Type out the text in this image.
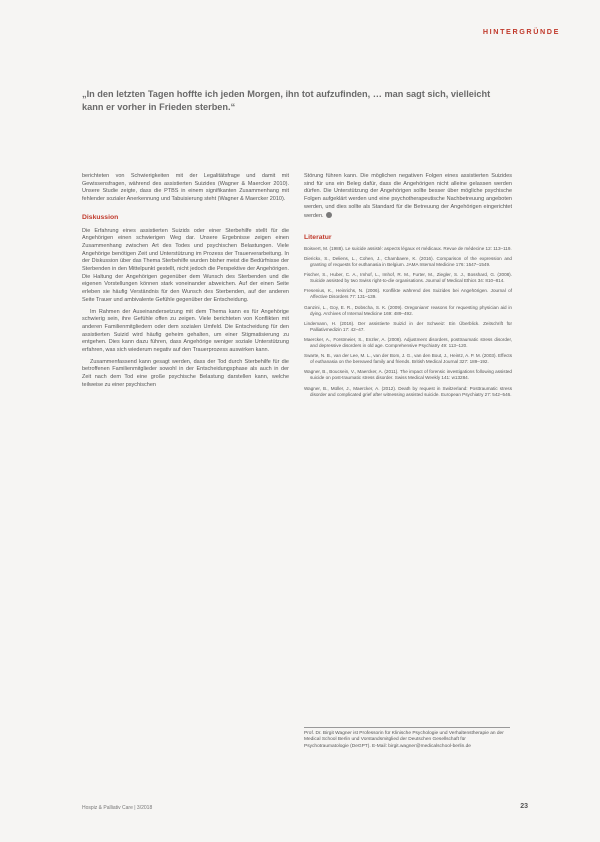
HINTERGRÜNDE
„In den letzten Tagen hoffte ich jeden Morgen, ihn tot aufzufinden, … man sagt sich, vielleicht kann er vorher in Frieden sterben.“

berichteten von Schwierigkeiten mit der Legalitätsfrage und damit mit Gewissensfragen, während des assistierten Suizides (Wagner & Maercker 2010). Unsere Studie zeigte, dass die PTBS in einem signifikanten Zusammenhang mit fehlender sozialer Anerkennung und Tabuisierung steht (Wagner & Maercker 2010).

Diskussion

Die Erfahrung eines assistierten Suizids oder einer Sterbehilfe stellt für die Angehörigen einen schwierigen Weg dar. Unsere Ergebnisse zeigen einen Zusammenhang zwischen Art des Todes und psychischen Belastungen. Viele Angehörige benötigen Zeit und Unterstützung im Prozess der Trauerverarbeitung. In der Diskussion über das Thema Sterbehilfe wurden bisher meist die Bedürfnisse der Sterbenden in den Mittelpunkt gestellt, nicht jedoch die Perspektive der Angehörigen. Die Haltung der Angehörigen gegenüber dem Wunsch des Sterbenden und die eigenen Vorstellungen können stark voneinander abweichen. Auf der einen Seite erleben sie häufig Verständnis für den Wunsch des Sterbenden, auf der anderen Seite Trauer und ambivalente Gefühle gegenüber der Entscheidung.

Im Rahmen der Auseinandersetzung mit dem Thema kann es für Angehörige schwierig sein, ihre Gefühle offen zu zeigen. Viele berichteten von Konflikten mit anderen Familienmitgliedern oder dem sozialen Umfeld. Die Entscheidung für den assistierten Suizid wird häufig geheim gehalten, um einer Stigmatisierung zu entgehen. Dies kann dazu führen, dass Angehörige weniger soziale Unterstützung erfahren, was sich wiederum negativ auf den Trauerprozess auswirken kann.

Zusammenfassend kann gesagt werden, dass der Tod durch Sterbehilfe für die betroffenen Familienmitglieder sowohl in der Entscheidungsphase als auch in der Zeit nach dem Tod eine große psychische Belastung darstellen kann, welche teilweise zu einer psychischen

Störung führen kann. Die möglichen negativen Folgen eines assistierten Suizides sind für uns ein Beleg dafür, dass die Angehörigen nicht alleine gelassen werden dürfen. Die Unterstützung der Angehörigen sollte besser über mögliche psychische Folgen aufgeklärt werden und eine psychotherapeutische Nachbetreuung angeboten werden, und dies sollte als Standard für die Betreuung der Angehörigen eingerichtet werden.

Literatur

Boisvert, M. (1988). Le suicide assisté: aspects légaux et médicaux. Revue de médecine 12: 113–119.

Dierickx, S., Deliens, L., Cohen, J., Chambaere, K. (2016). Comparison of the expression and granting of requests for euthanasia in Belgium. JAMA Internal Medicine 176: 1547–1549.

Fischer, S., Huber, C. A., Imhof, L., Imhof, R. M., Furter, M., Ziegler, S. J., Bosshard, G. (2008). Suicide assisted by two Swiss right-to-die organisations. Journal of Medical Ethics 34: 810–814.

Fresenius, K., Heinrichs, N. (2006). Konflikte während des Suizides bei Angehörigen. Journal of Affective Disorders 77: 131–139.

Ganzini, L., Goy, E. R., Dobscha, S. K. (2009). Oregonians’ reasons for requesting physician aid in dying. Archives of Internal Medicine 169: 489–492.

Lindemann, H. (2016). Der assistierte Suizid in der Schweiz: Ein Überblick. Zeitschrift für Palliativmedizin 17: 42–47.

Maercker, A., Forstmeier, S., Enzler, A. (2008). Adjustment disorders, posttraumatic stress disorder, and depressive disorders in old age. Comprehensive Psychiatry 49: 113–120.

Swarte, N. B., van der Lee, M. L., van der Bom, J. G., van den Bout, J., Heintz, A. P. M. (2003). Effects of euthanasia on the bereaved family and friends. British Medical Journal 327: 189–192.

Wagner, B., Boucsein, V., Maercker, A. (2011). The impact of forensic investigations following assisted suicide on post-traumatic stress disorder. Swiss Medical Weekly 141: w13284.

Wagner, B., Müller, J., Maercker, A. (2012). Death by request in Switzerland: Posttraumatic stress disorder and complicated grief after witnessing assisted suicide. European Psychiatry 27: 542–546.

Prof. Dr. Birgit Wagner ist Professorin für Klinische Psychologie und Verhaltenstherapie an der Medical School Berlin und Vorstandsmitglied der Deutschen Gesellschaft für Psychotraumatologie (DeGPT). E-Mail: birgit.wagner@medicalschool-berlin.de
Hospiz & Palliativ Care | 3/2018	23
